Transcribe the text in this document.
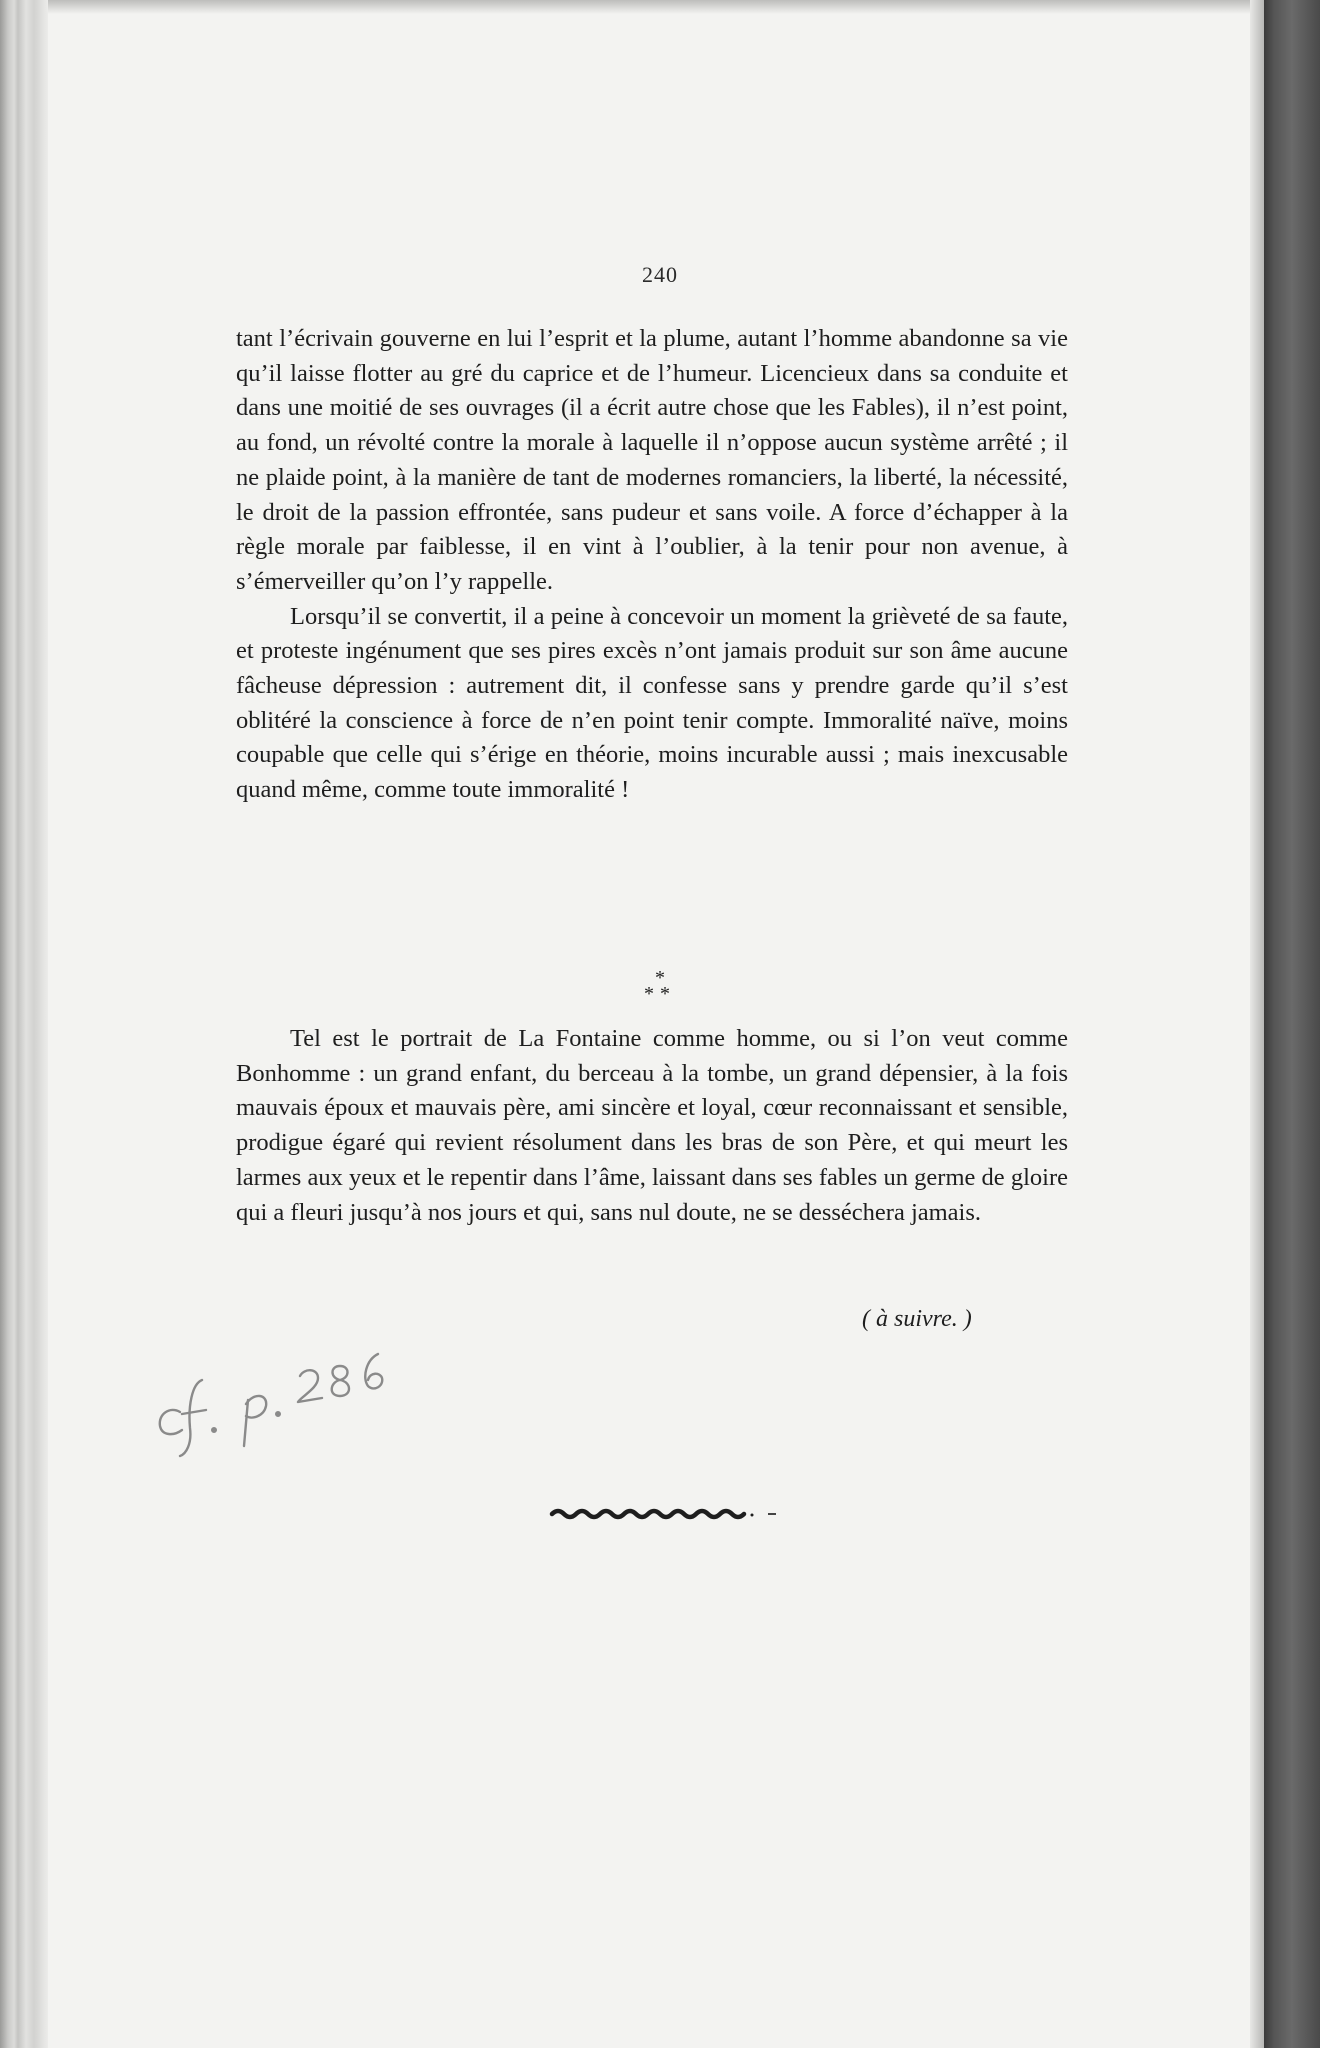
240

tant l’écrivain gouverne en lui l’esprit et la plume, autant l’homme abandonne sa vie qu’il laisse flotter au gré du caprice et de l’humeur. Licencieux dans sa conduite et dans une moitié de ses ouvrages (il a écrit autre chose que les Fables), il n’est point, au fond, un révolté contre la morale à laquelle il n’oppose aucun système arrêté ; il ne plaide point, à la manière de tant de modernes romanciers, la liberté, la nécessité, le droit de la passion effrontée, sans pudeur et sans voile. A force d’échapper à la règle morale par faiblesse, il en vint à l’oublier, à la tenir pour non avenue, à s’émerveiller qu’on l’y rappelle.

Lorsqu’il se convertit, il a peine à concevoir un moment la grièveté de sa faute, et proteste ingénument que ses pires excès n’ont jamais produit sur son âme aucune fâcheuse dépression : autrement dit, il confesse sans y prendre garde qu’il s’est oblitéré la conscience à force de n’en point tenir compte. Immoralité naïve, moins coupable que celle qui s’érige en théorie, moins incurable aussi ; mais inexcusable quand même, comme toute immoralité !

*
**

Tel est le portrait de La Fontaine comme homme, ou si l’on veut comme Bonhomme : un grand enfant, du berceau à la tombe, un grand dépensier, à la fois mauvais époux et mauvais père, ami sincère et loyal, cœur reconnaissant et sensible, prodigue égaré qui revient résolument dans les bras de son Père, et qui meurt les larmes aux yeux et le repentir dans l’âme, laissant dans ses fables un germe de gloire qui a fleuri jusqu’à nos jours et qui, sans nul doute, ne se desséchera jamais.

( à suivre. )
